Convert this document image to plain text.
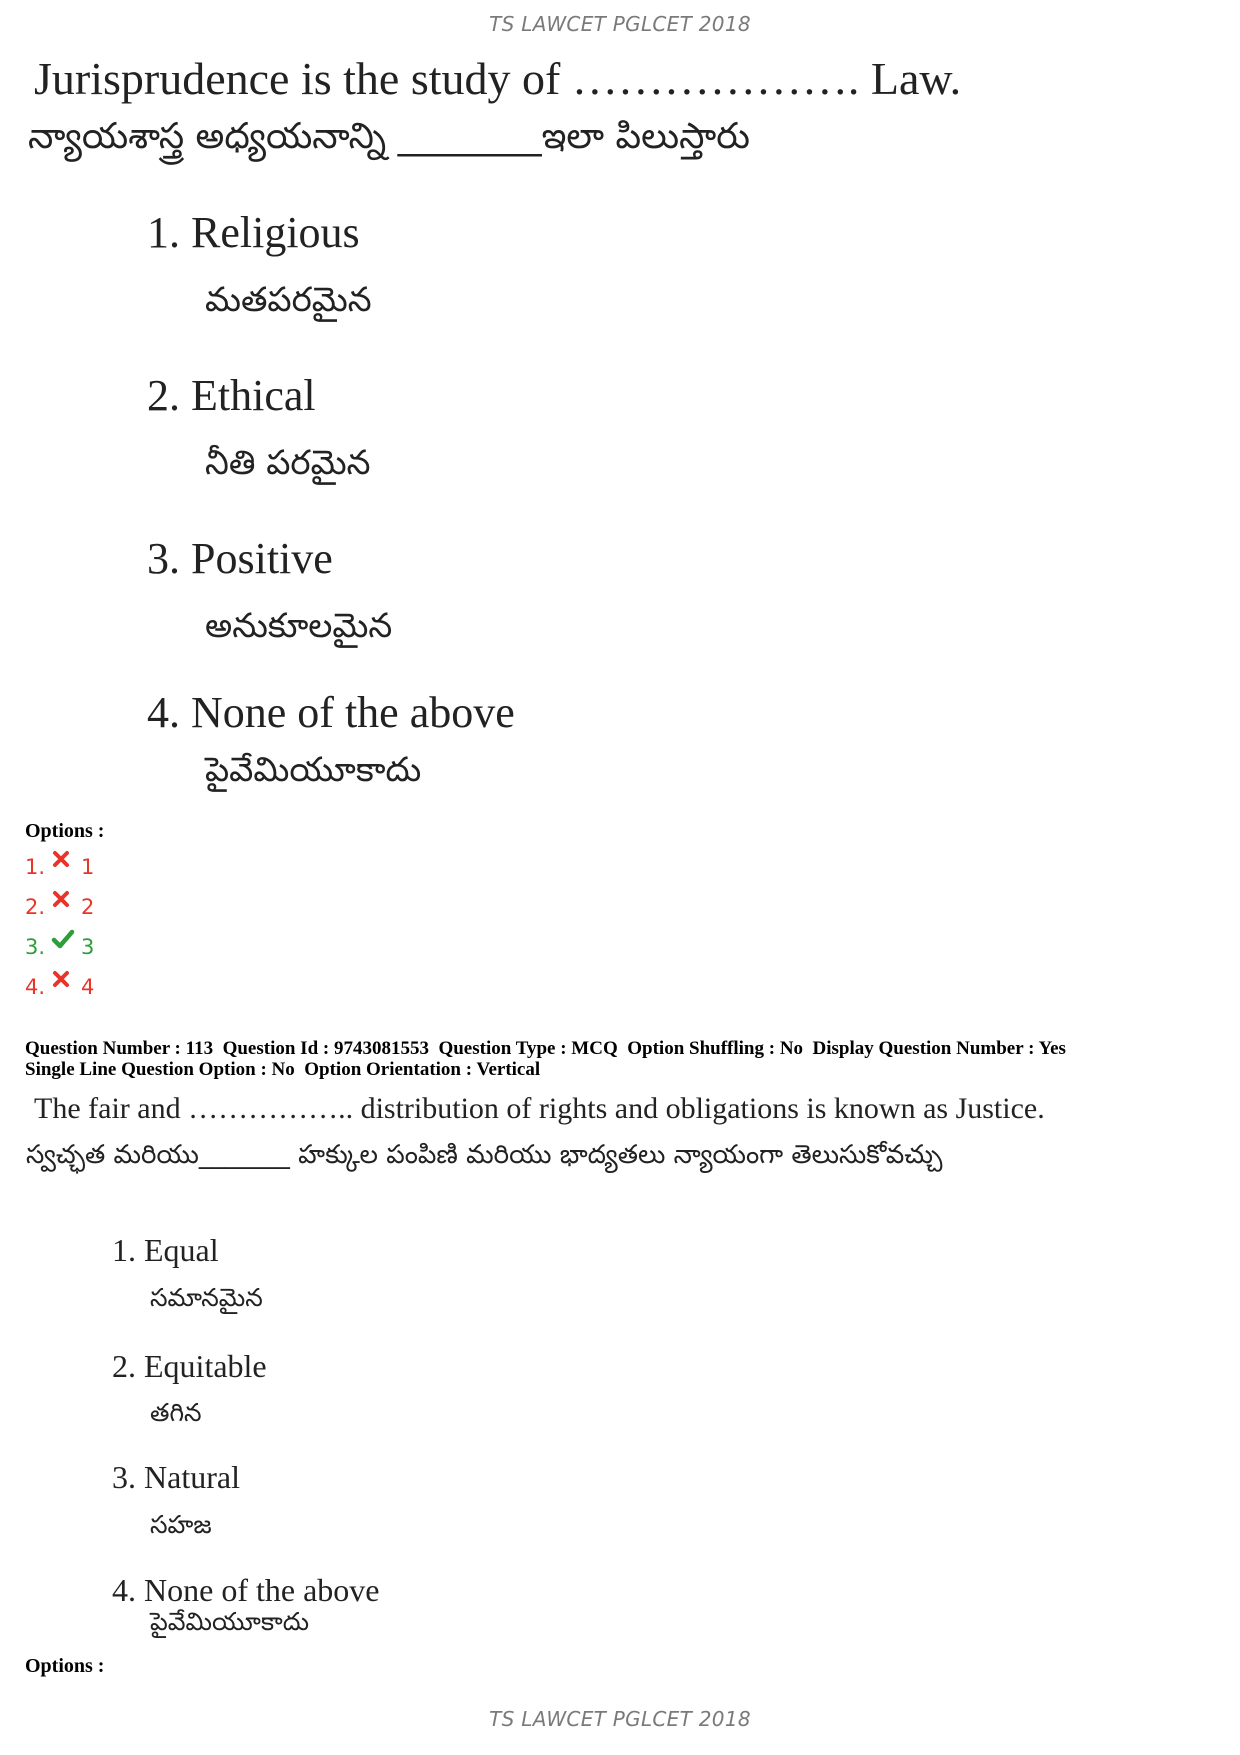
TS LAWCET PGLCET 2018
Jurisprudence is the study of ………………. Law.
న్యాయశాస్త్ర అధ్యయనాన్ని ________ఇలా పిలుస్తారు
1. Religious
మతపరమైన
2. Ethical
నీతి పరమైన
3. Positive
అనుకూలమైన
4. None of the above
పైవేమియూకాదు
Options :
1. 1
2. 2
3. 3
4. 4
Question Number : 113  Question Id : 9743081553  Question Type : MCQ  Option Shuffling : No  Display Question Number : Yes
Single Line Question Option : No  Option Orientation : Vertical
The fair and …………….. distribution of rights and obligations is known as Justice.
స్వచ్ఛత మరియు_______ హక్కుల పంపిణి మరియు భాద్యతలు న్యాయంగా తెలుసుకోవచ్చు
1. Equal
సమానమైన
2. Equitable
తగిన
3. Natural
సహజ
4. None of the above
పైవేమియూకాదు
Options :
TS LAWCET PGLCET 2018
